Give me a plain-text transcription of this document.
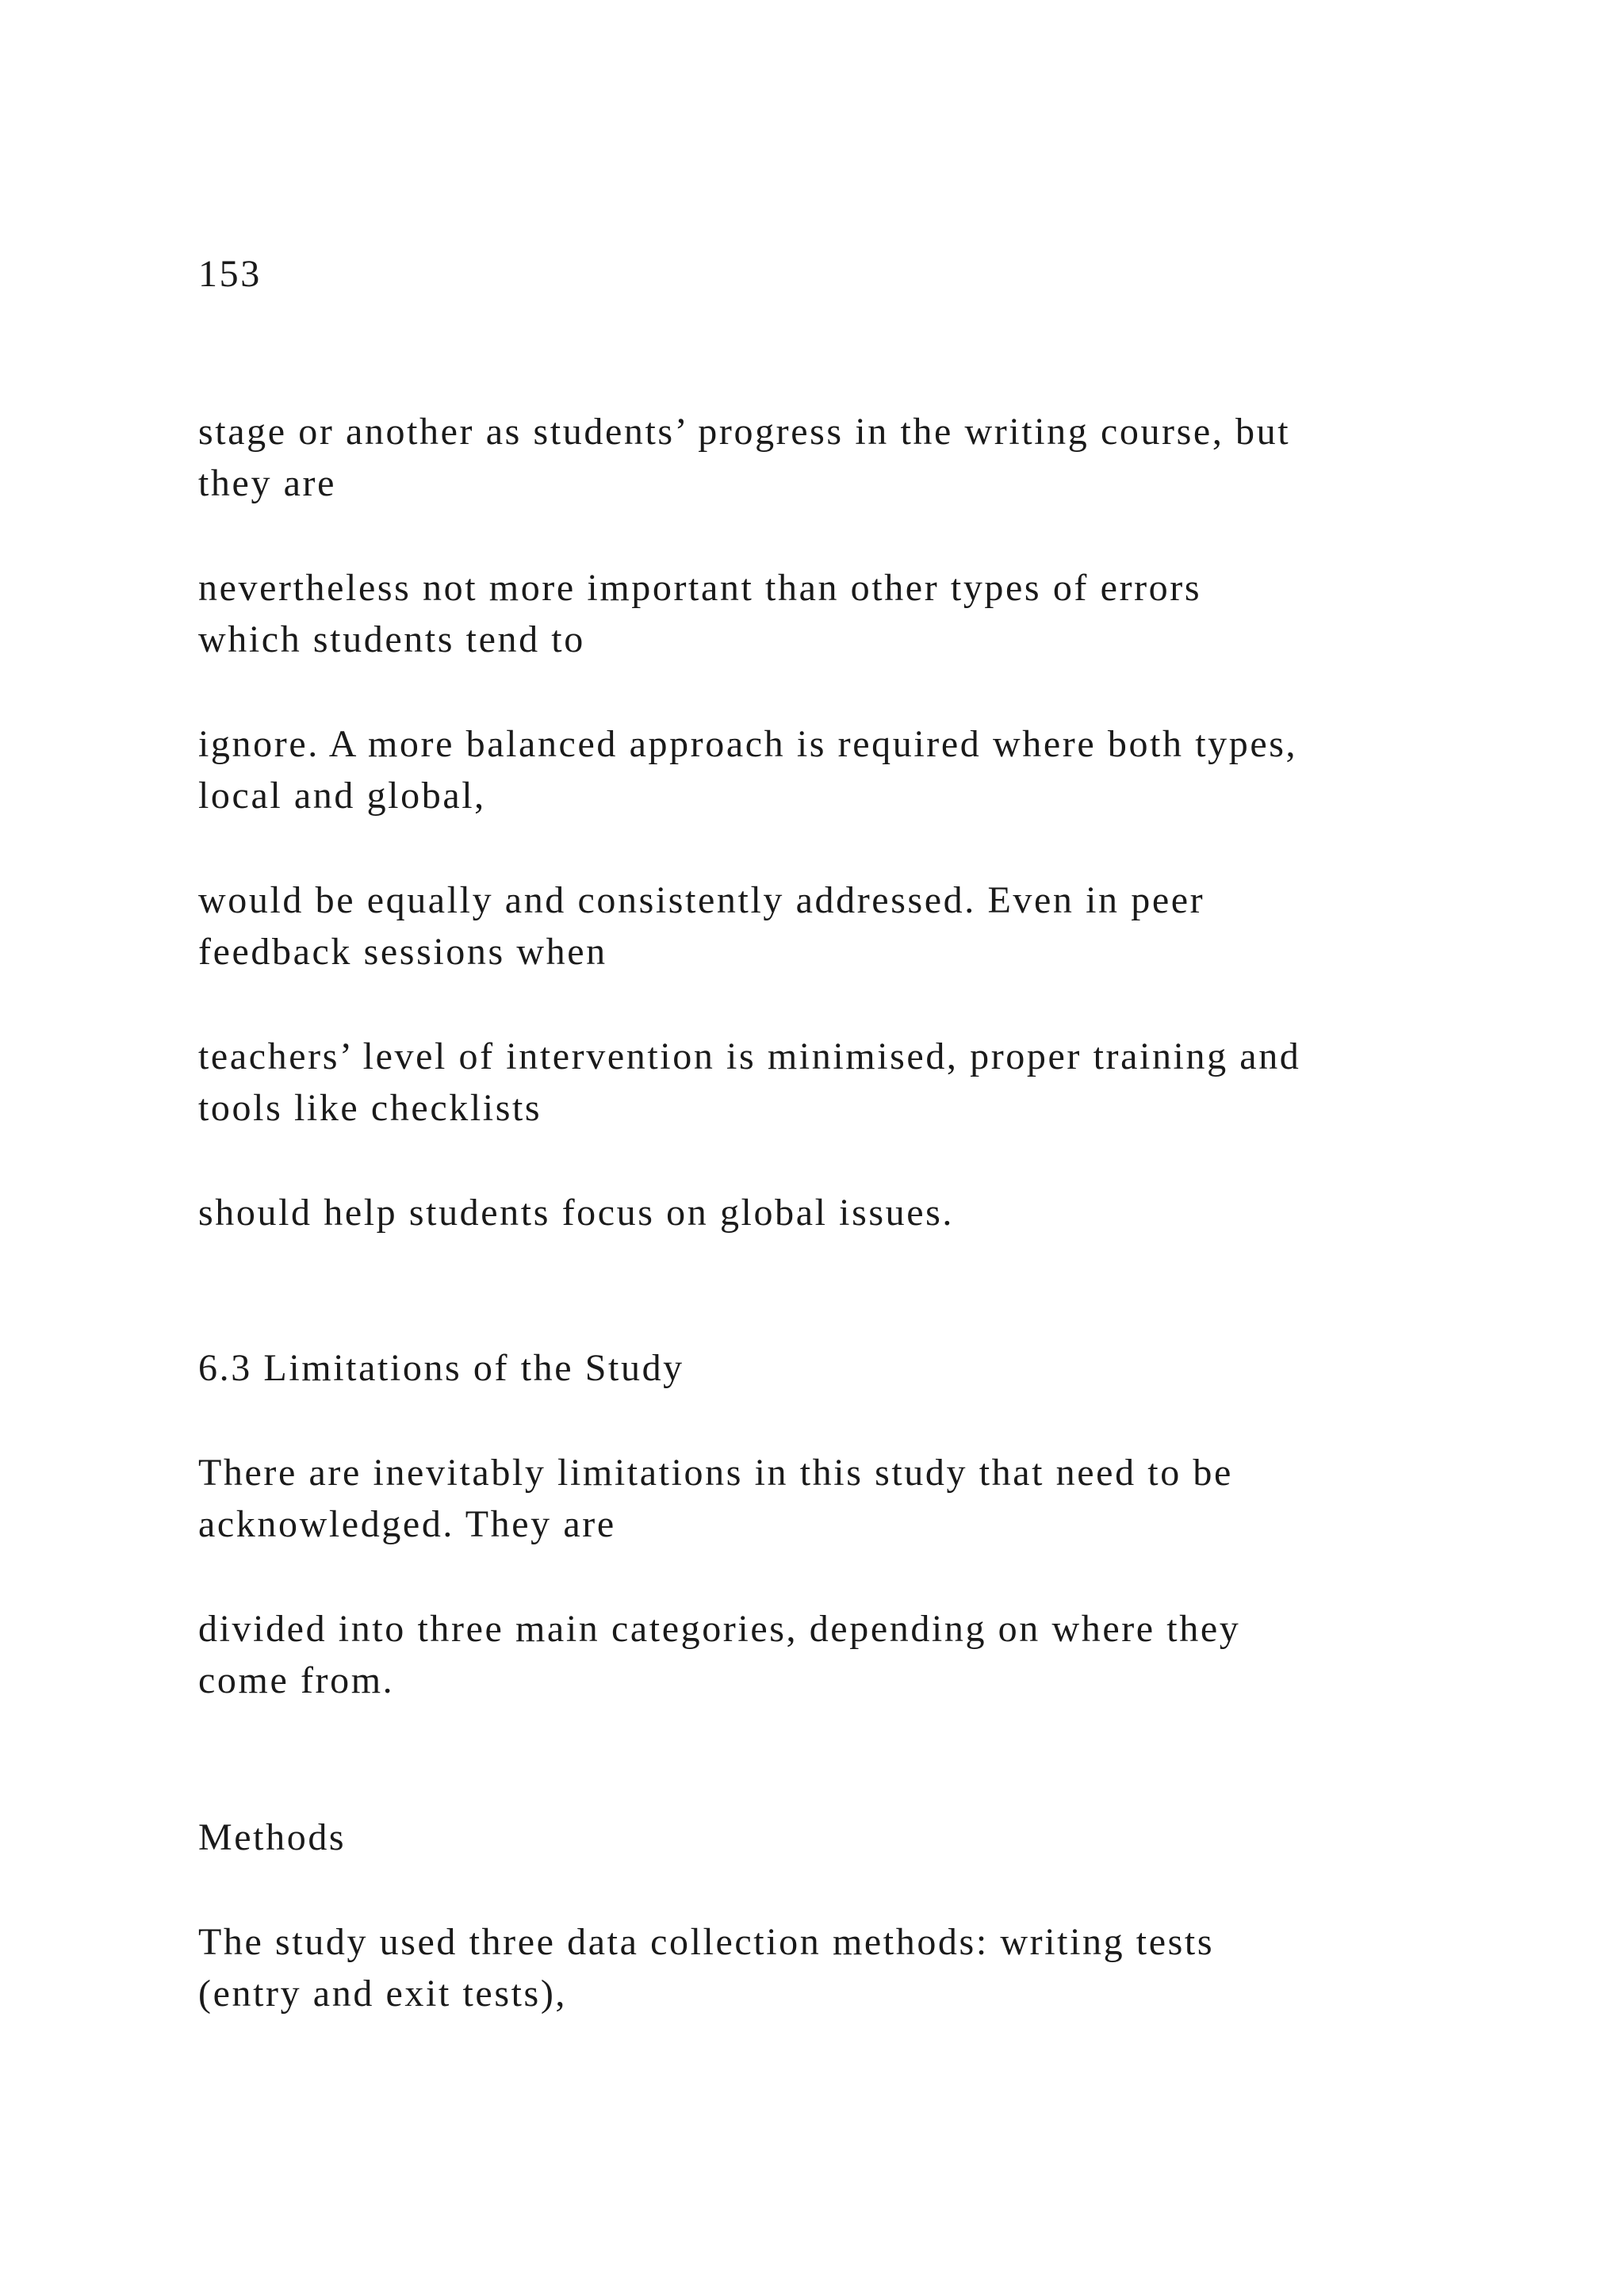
153

stage or another as students’ progress in the writing course, but

they are

nevertheless not more important than other types of errors

which students tend to

ignore. A more balanced approach is required where both types,

local and global,

would be equally and consistently addressed. Even in peer

feedback sessions when

teachers’ level of intervention is minimised, proper training and

tools like checklists

should help students focus on global issues.

6.3 Limitations of the Study

There are inevitably limitations in this study that need to be

acknowledged. They are

divided into three main categories, depending on where they

come from.

Methods

The study used three data collection methods: writing tests

(entry and exit tests),
